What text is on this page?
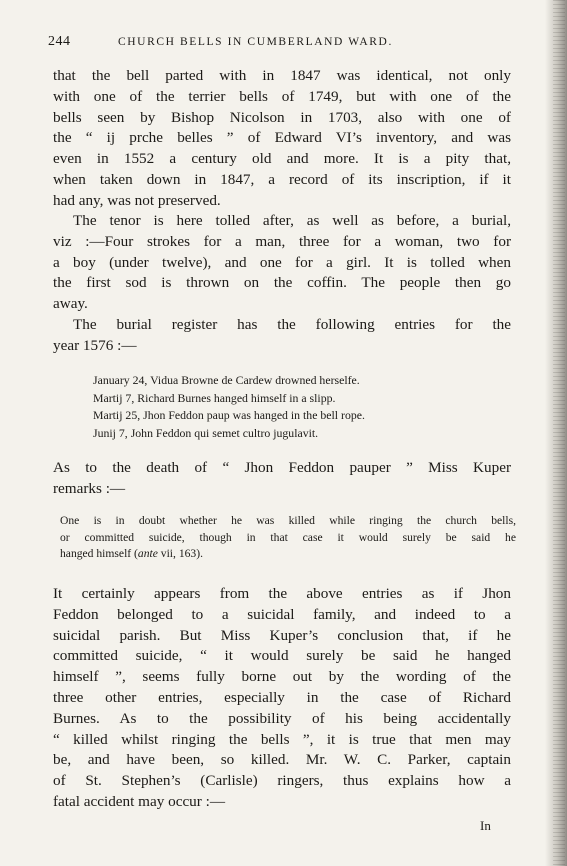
244	CHURCH BELLS IN CUMBERLAND WARD.
that the bell parted with in 1847 was identical, not only
with one of the terrier bells of 1749, but with one of the
bells seen by Bishop Nicolson in 1703, also with one of
the “ ij prche belles ” of Edward VI’s inventory, and was
even in 1552 a century old and more. It is a pity that,
when taken down in 1847, a record of its inscription, if it
had any, was not preserved.
The tenor is here tolled after, as well as before, a burial,
viz :—Four strokes for a man, three for a woman, two for
a boy (under twelve), and one for a girl. It is tolled when
the first sod is thrown on the coffin. The people then go
away.
The burial register has the following entries for the
year 1576 :—
January 24, Vidua Browne de Cardew drowned herselfe.
Martij 7, Richard Burnes hanged himself in a slipp.
Martij 25, Jhon Feddon paup was hanged in the bell rope.
Junij 7, John Feddon qui semet cultro jugulavit.
As to the death of “ Jhon Feddon pauper ” Miss Kuper
remarks :—
One is in doubt whether he was killed while ringing the church bells,
or committed suicide, though in that case it would surely be said he
hanged himself (ante vii, 163).
It certainly appears from the above entries as if Jhon
Feddon belonged to a suicidal family, and indeed to a
suicidal parish. But Miss Kuper’s conclusion that, if he
committed suicide, “ it would surely be said he hanged
himself ”, seems fully borne out by the wording of the
three other entries, especially in the case of Richard
Burnes. As to the possibility of his being accidentally
“ killed whilst ringing the bells ”, it is true that men may
be, and have been, so killed. Mr. W. C. Parker, captain
of St. Stephen’s (Carlisle) ringers, thus explains how a
fatal accident may occur :—
In
